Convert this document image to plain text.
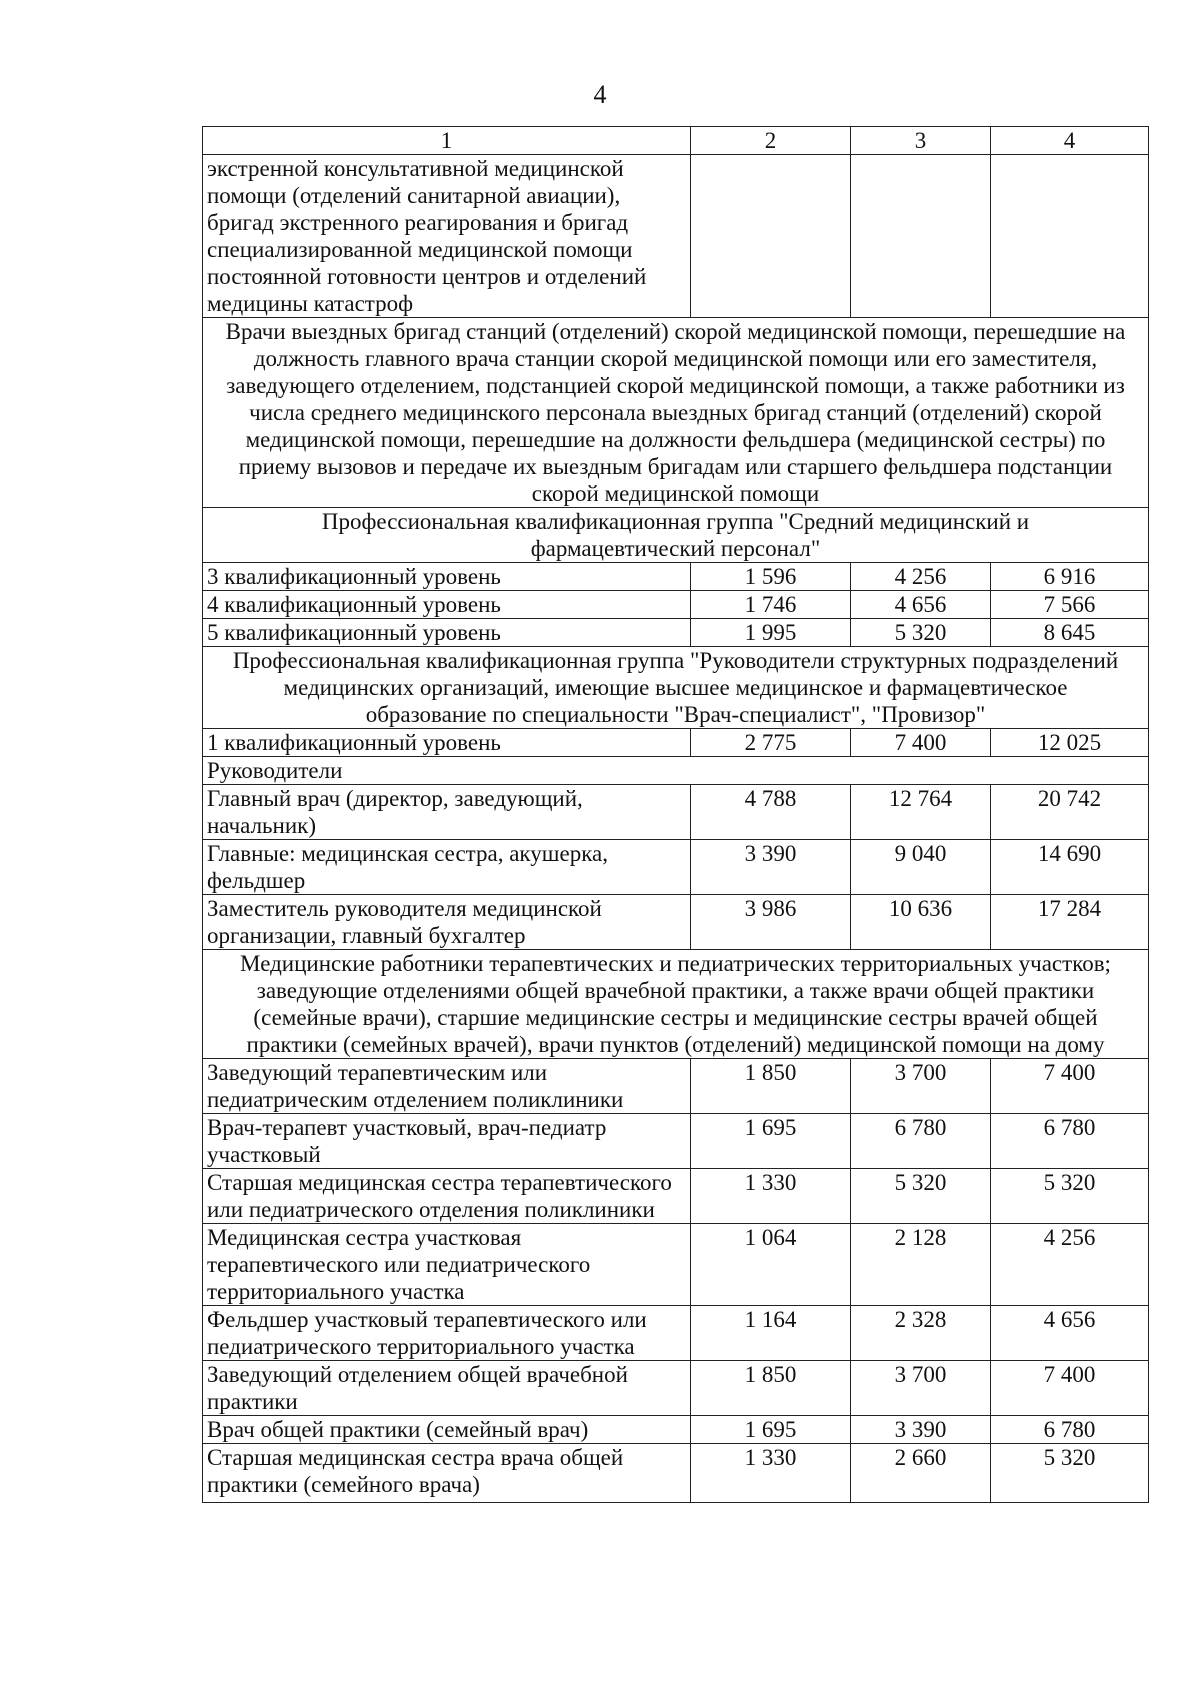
4
1	2	3	4
экстренной консультативной медицинской помощи (отделений санитарной авиации), бригад экстренного реагирования и бригад специализированной медицинской помощи постоянной готовности центров и отделений медицины катастроф			
Врачи выездных бригад станций (отделений) скорой медицинской помощи, перешедшие на должность главного врача станции скорой медицинской помощи или его заместителя, заведующего отделением, подстанцией скорой медицинской помощи, а также работники из числа среднего медицинского персонала выездных бригад станций (отделений) скорой медицинской помощи, перешедшие на должности фельдшера (медицинской сестры) по приему вызовов и передаче их выездным бригадам или старшего фельдшера подстанции скорой медицинской помощи			
Профессиональная квалификационная группа "Средний медицинский и фармацевтический персонал"			
3 квалификационный уровень	1 596	4 256	6 916
4 квалификационный уровень	1 746	4 656	7 566
5 квалификационный уровень	1 995	5 320	8 645
Профессиональная квалификационная группа "Руководители структурных подразделений медицинских организаций, имеющие высшее медицинское и фармацевтическое образование по специальности "Врач-специалист", "Провизор"			
1 квалификационный уровень	2 775	7 400	12 025
Руководители			
Главный врач (директор, заведующий, начальник)	4 788	12 764	20 742
Главные: медицинская сестра, акушерка, фельдшер	3 390	9 040	14 690
Заместитель руководителя медицинской организации, главный бухгалтер	3 986	10 636	17 284
Медицинские работники терапевтических и педиатрических территориальных участков; заведующие отделениями общей врачебной практики, а также врачи общей практики (семейные врачи), старшие медицинские сестры и медицинские сестры врачей общей практики (семейных врачей), врачи пунктов (отделений) медицинской помощи на дому			
Заведующий терапевтическим или педиатрическим отделением поликлиники	1 850	3 700	7 400
Врач-терапевт участковый, врач-педиатр участковый	1 695	6 780	6 780
Старшая медицинская сестра терапевтического или педиатрического отделения поликлиники	1 330	5 320	5 320
Медицинская сестра участковая терапевтического или педиатрического территориального участка	1 064	2 128	4 256
Фельдшер участковый терапевтического или педиатрического территориального участка	1 164	2 328	4 656
Заведующий отделением общей врачебной практики	1 850	3 700	7 400
Врач общей практики (семейный врач)	1 695	3 390	6 780
Старшая медицинская сестра врача общей практики (семейного врача)	1 330	2 660	5 320
